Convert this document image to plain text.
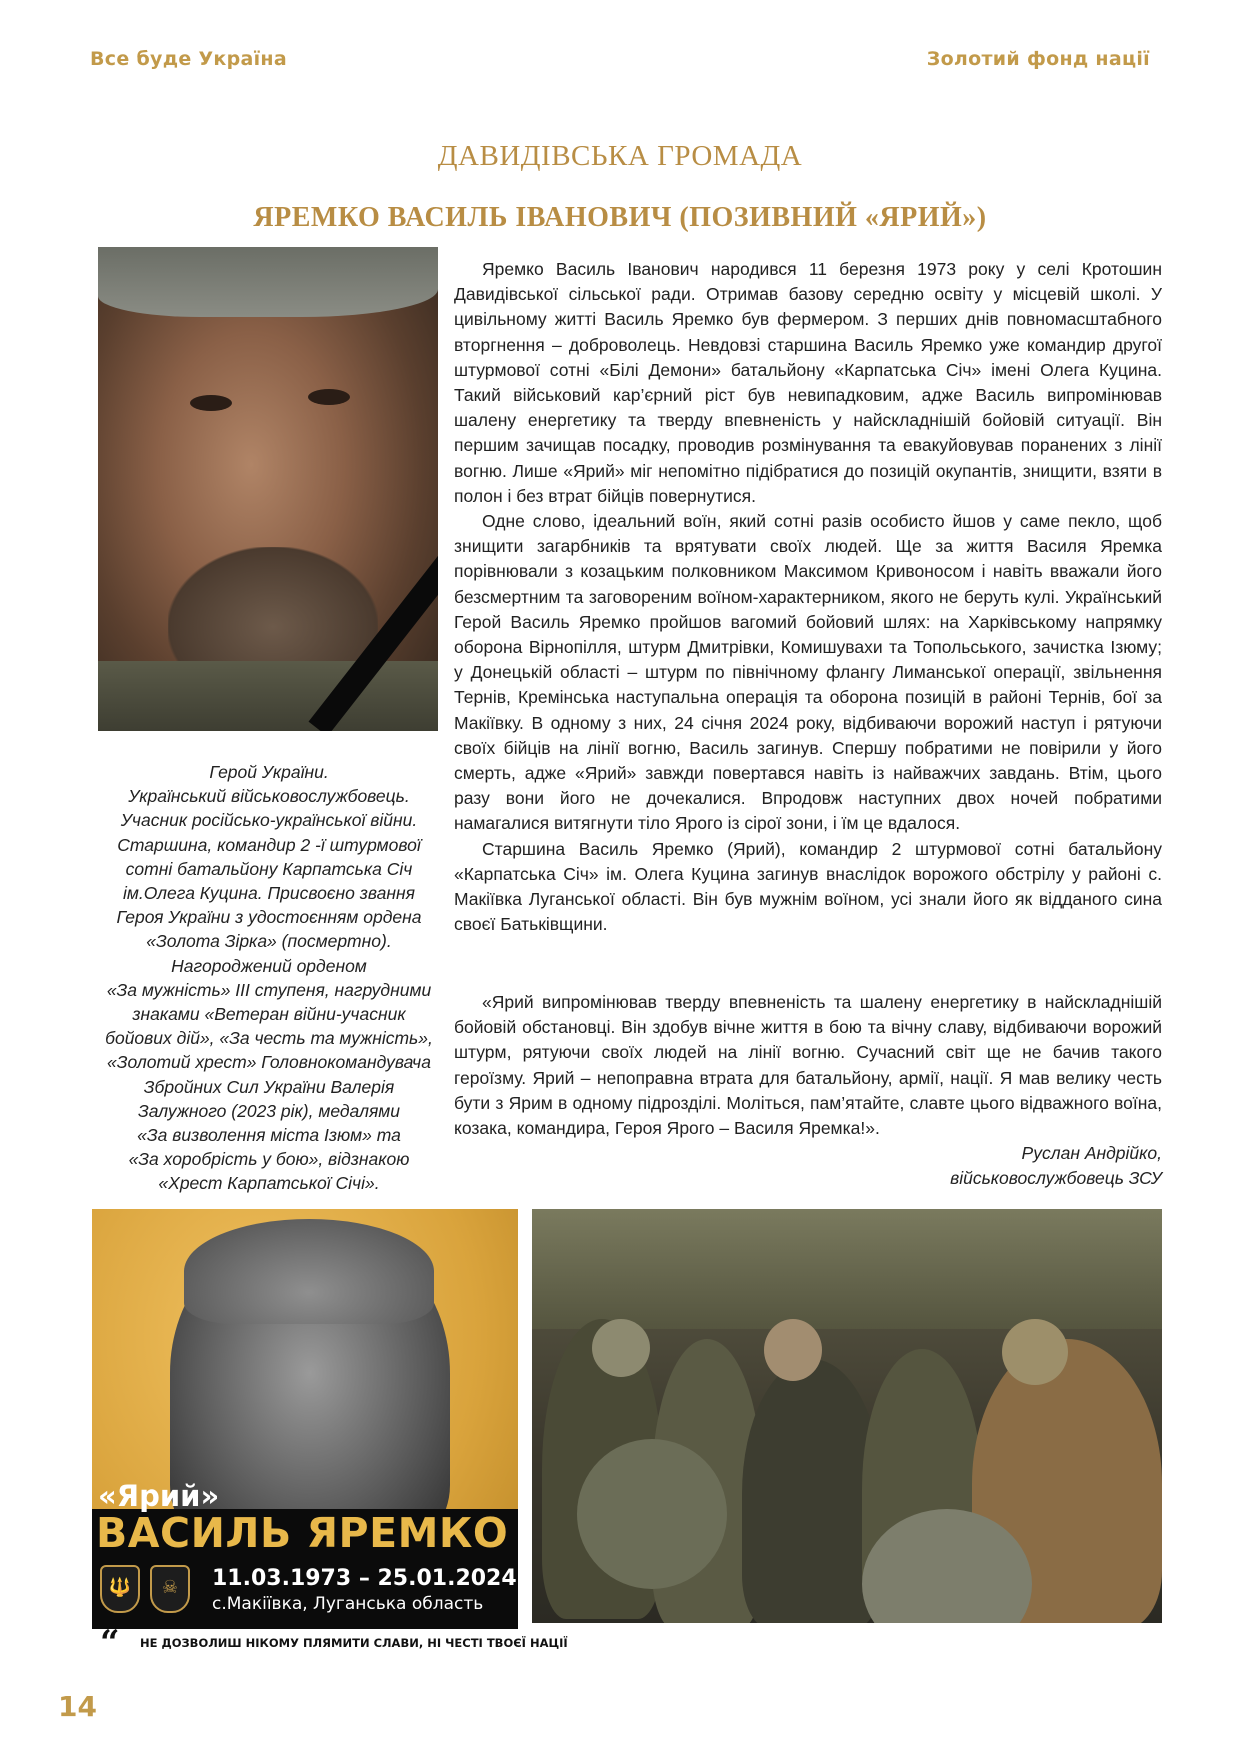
Все буде Україна	Золотий фонд нації
ДАВИДІВСЬКА ГРОМАДА
ЯРЕМКО ВАСИЛЬ ІВАНОВИЧ (ПОЗИВНИЙ «ЯРИЙ»)
Герой України.
Український військовослужбовець.
Учасник російсько-української війни.
Старшина, командир 2 -ї штурмової
сотні батальйону Карпатська Січ
ім.Олега Куцина. Присвоєно звання
Героя України з удостоєнням ордена
«Золота Зірка» (посмертно).
Нагороджений орденом
«За мужність» ІІІ ступеня, нагрудними
знаками «Ветеран війни-учасник
бойових дій», «За честь та мужність»,
«Золотий хрест» Головнокомандувача
Збройних Сил України Валерія
Залужного (2023 рік), медалями
«За визволення міста Ізюм» та
«За хоробрість у бою», відзнакою
«Хрест Карпатської Січі».

Яремко Василь Іванович народився 11 березня 1973 року у селі Кротошин Давидівської сільської ради. Отримав базову середню освіту у місцевій школі. У цивільному житті Василь Яремко був фермером. З перших днів повномасштабного вторгнення – доброволець. Невдовзі старшина Василь Яремко уже командир другої штурмової сотні «Білі Демони» батальйону «Карпатська Січ» імені Олега Куцина. Такий військовий кар’єрний ріст був невипадковим, адже Василь випромінював шалену енергетику та тверду впевненість у найскладнішій бойовій ситуації. Він першим зачищав посадку, проводив розмінування та евакуйовував поранених з лінії вогню. Лише «Ярий» міг непомітно підібратися до позицій окупантів, знищити, взяти в полон і без втрат бійців повернутися.

Одне слово, ідеальний воїн, який сотні разів особисто йшов у саме пекло, щоб знищити загарбників та врятувати своїх людей. Ще за життя Василя Яремка порівнювали з козацьким полковником Максимом Кривоносом і навіть вважали його безсмертним та заговореним воїном-характерником, якого не беруть кулі. Український Герой Василь Яремко пройшов вагомий бойовий шлях: на Харківському напрямку оборона Вірнопілля, штурм Дмитрівки, Комишувахи та Топольського, зачистка Ізюму; у Донецькій області – штурм по північному флангу Лиманської операції, звільнення Тернів, Кремінська наступальна операція та оборона позицій в районі Тернів, бої за Макіївку. В одному з них, 24 січня 2024 року, відбиваючи ворожий наступ і рятуючи своїх бійців на лінії вогню, Василь загинув. Спершу побратими не повірили у його смерть, адже «Ярий» завжди повертався навіть із найважчих завдань. Втім, цього разу вони його не дочекалися. Впродовж наступних двох ночей побратими намагалися витягнути тіло Ярого із сірої зони, і їм це вдалося.

Старшина Василь Яремко (Ярий), командир 2 штурмової сотні батальйону «Карпатська Січ» ім. Олега Куцина загинув внаслідок ворожого обстрілу у районі с. Макіївка Луганської області. Він був мужнім воїном, усі знали його як відданого сина своєї Батьківщини.

«Ярий випромінював тверду впевненість та шалену енергетику в найскладнішій бойовій обстановці. Він здобув вічне життя в бою та вічну славу, відбиваючи ворожий штурм, рятуючи своїх людей на лінії вогню. Сучасний світ ще не бачив такого героїзму. Ярий – непоправна втрата для батальйону, армії, нації. Я мав велику честь бути з Ярим в одному підрозділі. Моліться, пам’ятайте, славте цього відважного воїна, козака, командира, Героя Ярого – Василя Яремка!».

Руслан Андрійко,
військовослужбовець ЗСУ
«Ярий»
ВАСИЛЬ ЯРЕМКО
🔱	☠	11.03.1973 – 25.01.2024
с.Макіївка, Луганська область
“ НЕ ДОЗВОЛИШ НІКОМУ ПЛЯМИТИ СЛАВИ, НІ ЧЕСТІ ТВОЄЇ НАЦІЇ
14
